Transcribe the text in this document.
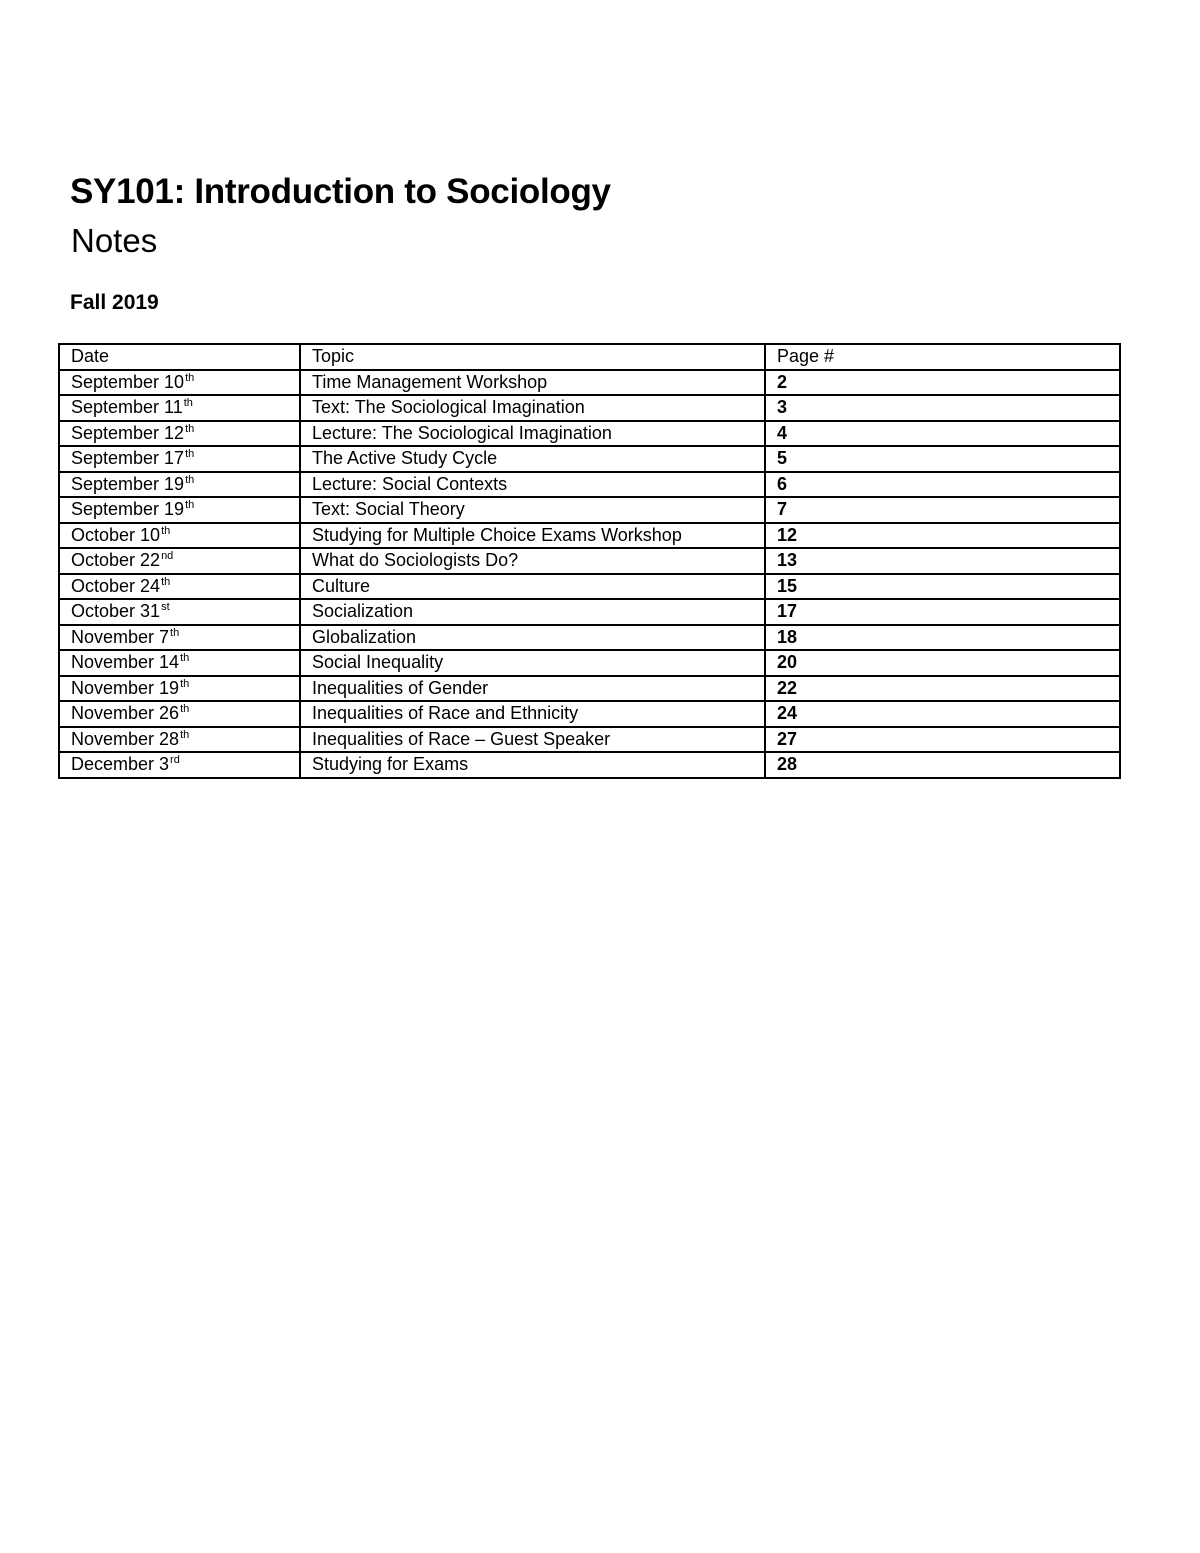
SY101: Introduction to Sociology
Notes

Fall 2019

Date	Topic	Page #
September 10th	Time Management Workshop	2
September 11th	Text: The Sociological Imagination	3
September 12th	Lecture: The Sociological Imagination	4
September 17th	The Active Study Cycle	5
September 19th	Lecture: Social Contexts	6
September 19th	Text: Social Theory	7
October 10th	Studying for Multiple Choice Exams Workshop	12
October 22nd	What do Sociologists Do?	13
October 24th	Culture	15
October 31st	Socialization	17
November 7th	Globalization	18
November 14th	Social Inequality	20
November 19th	Inequalities of Gender	22
November 26th	Inequalities of Race and Ethnicity	24
November 28th	Inequalities of Race – Guest Speaker	27
December 3rd	Studying for Exams	28
